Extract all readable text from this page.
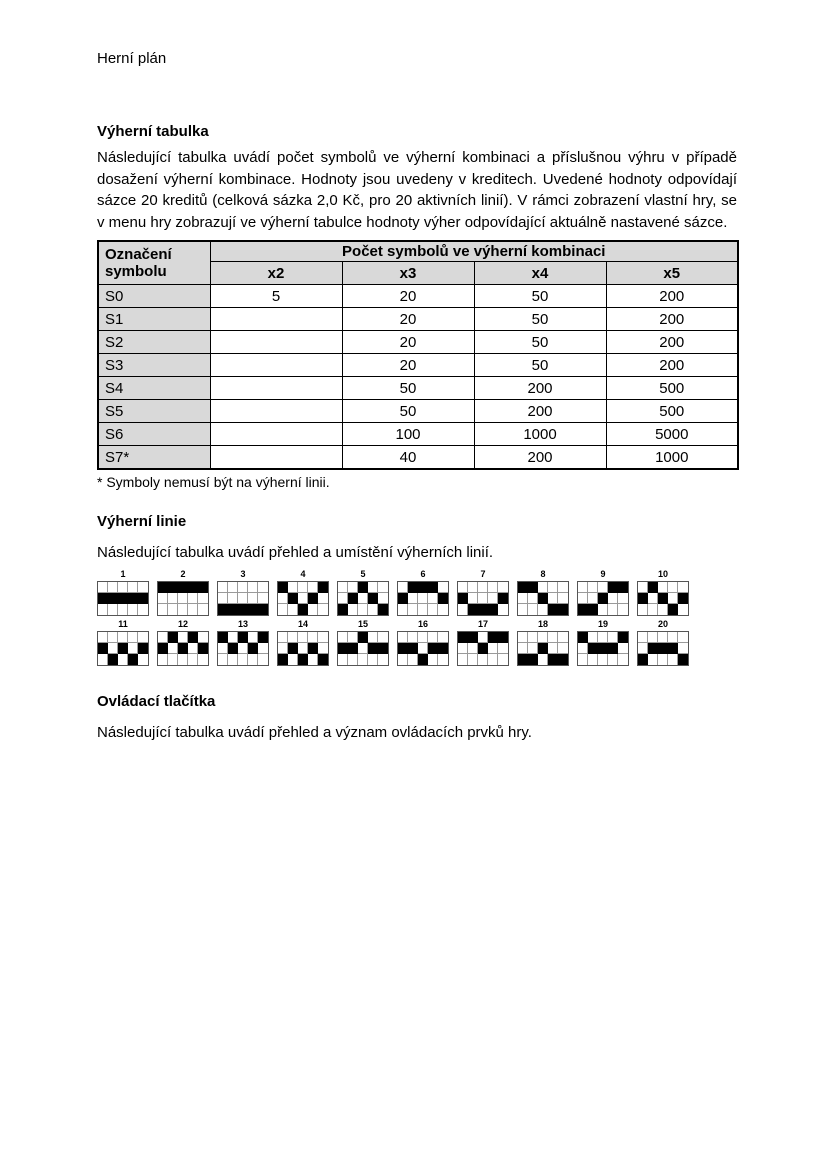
Herní plán
Výherní tabulka

Následující tabulka uvádí počet symbolů ve výherní kombinaci a příslušnou výhru v případě dosažení výherní kombinace. Hodnoty jsou uvedeny v kreditech. Uvedené hodnoty odpovídají sázce 20 kreditů (celková sázka 2,0 Kč, pro 20 aktivních linií). V rámci zobrazení vlastní hry, se v menu hry zobrazují ve výherní tabulce hodnoty výher odpovídající aktuálně nastavené sázce.

Označení symbolu	Počet symbolů ve výherní kombinaci			
	x2	x3	x4	x5
S0	5	20	50	200
S1		20	50	200
S2		20	50	200
S3		20	50	200
S4		50	200	500
S5		50	200	500
S6		100	1000	5000
S7*		40	200	1000

* Symboly nemusí být na výherní linii.

Výherní linie

Následující tabulka uvádí přehled a umístění výherních linií.

1	2	3	4	5	6	7	8	9	10
11	12	13	14	15	16	17	18	19	20
Ovládací tlačítka

Následující tabulka uvádí přehled a význam ovládacích prvků hry.
